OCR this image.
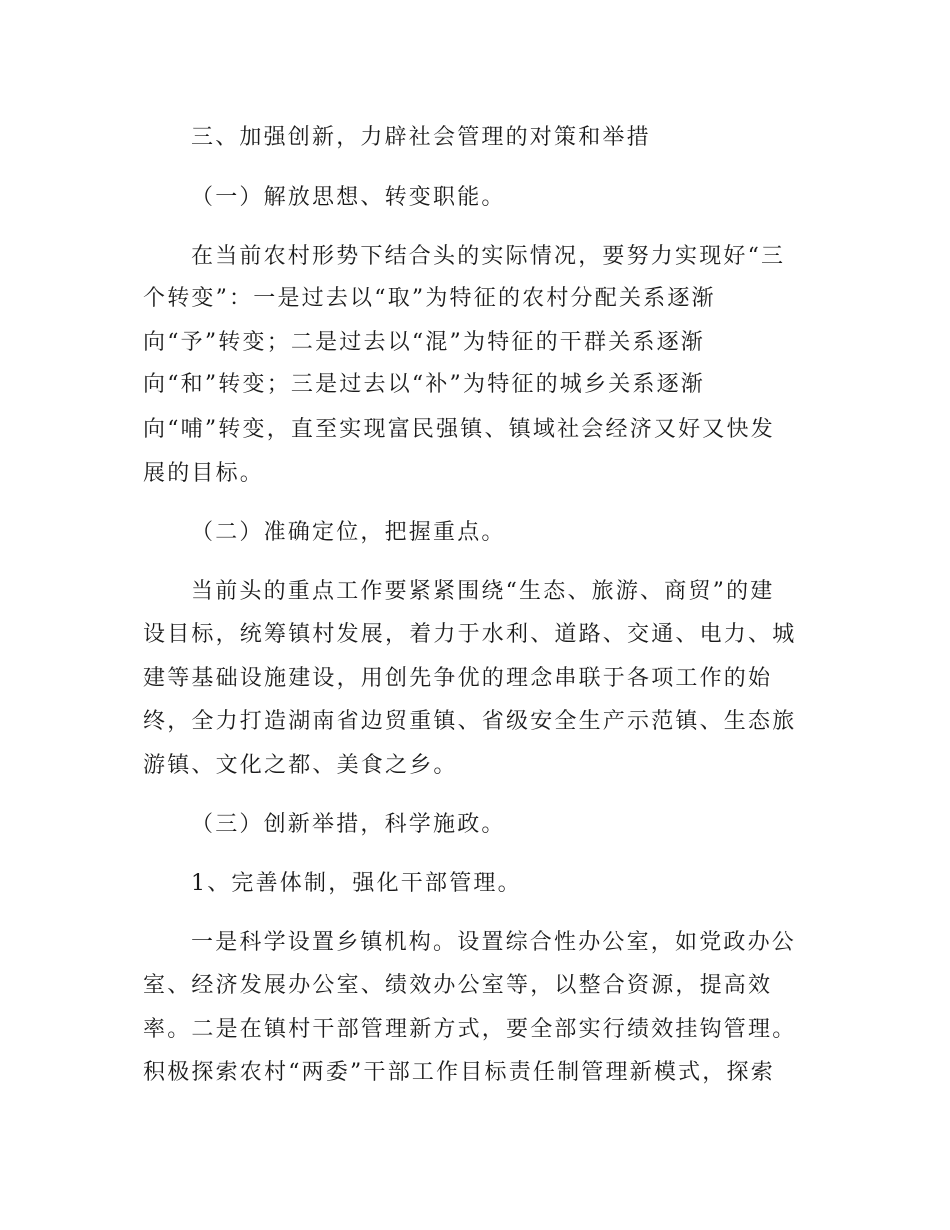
三、加强创新，力辟社会管理的对策和举措
（一）解放思想、转变职能。
在当前农村形势下结合头的实际情况，要努力实现好“三
个转变”：一是过去以“取”为特征的农村分配关系逐渐
向“予”转变；二是过去以“混”为特征的干群关系逐渐
向“和”转变；三是过去以“补”为特征的城乡关系逐渐
向“哺”转变，直至实现富民强镇、镇域社会经济又好又快发
展的目标。
（二）准确定位，把握重点。
当前头的重点工作要紧紧围绕“生态、旅游、商贸”的建
设目标，统筹镇村发展，着力于水利、道路、交通、电力、城
建等基础设施建设，用创先争优的理念串联于各项工作的始
终，全力打造湖南省边贸重镇、省级安全生产示范镇、生态旅
游镇、文化之都、美食之乡。
（三）创新举措，科学施政。
1、完善体制，强化干部管理。
一是科学设置乡镇机构。设置综合性办公室，如党政办公
室、经济发展办公室、绩效办公室等，以整合资源，提高效
率。二是在镇村干部管理新方式，要全部实行绩效挂钩管理。
积极探索农村“两委”干部工作目标责任制管理新模式，探索
